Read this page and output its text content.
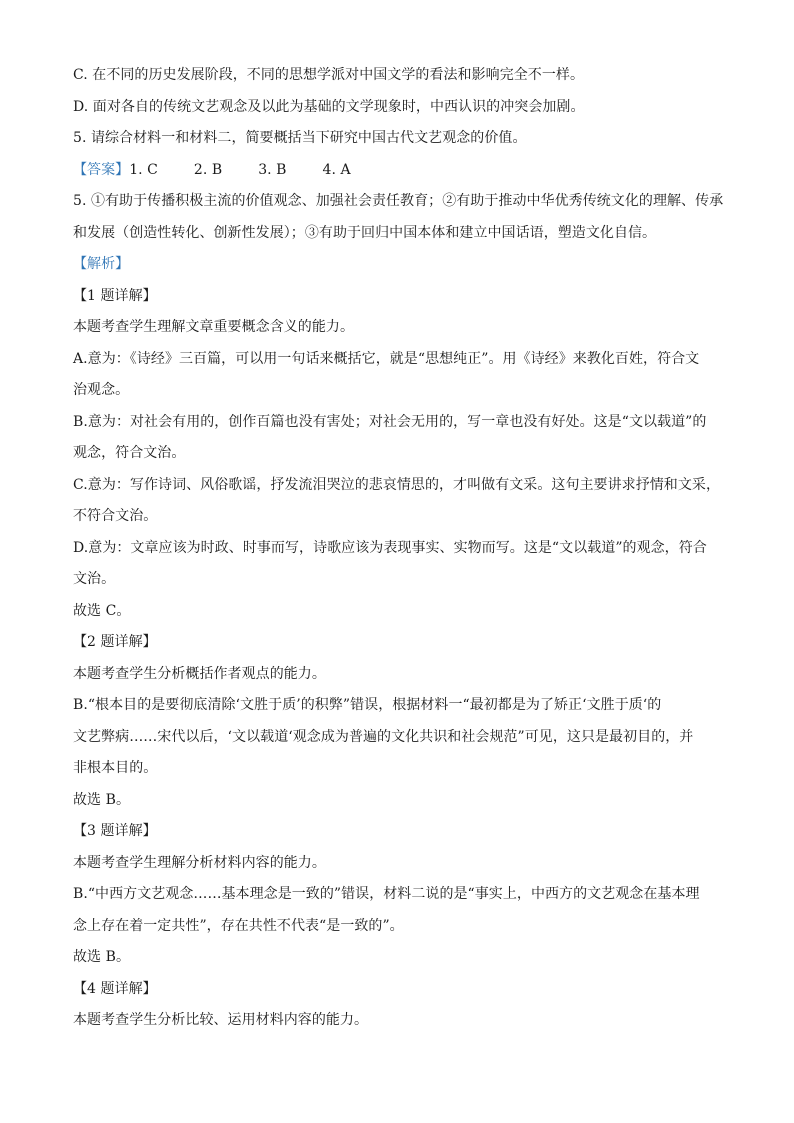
C. 在不同的历史发展阶段，不同的思想学派对中国文学的看法和影响完全不一样。
D. 面对各自的传统文艺观念及以此为基础的文学现象时，中西认识的冲突会加剧。
5. 请综合材料一和材料二，简要概括当下研究中国古代文艺观念的价值。
【答案】1. C        2. B        3. B        4. A
5. ①有助于传播积极主流的价值观念、加强社会责任教育；②有助于推动中华优秀传统文化的理解、传承
和发展（创造性转化、创新性发展）；③有助于回归中国本体和建立中国话语，塑造文化自信。
【解析】
【1 题详解】
本题考查学生理解文章重要概念含义的能力。
A.意为：《诗经》三百篇，可以用一句话来概括它，就是“思想纯正”。用《诗经》来教化百姓，符合文
治观念。
B.意为：对社会有用的，创作百篇也没有害处；对社会无用的，写一章也没有好处。这是“文以载道”的
观念，符合文治。
C.意为：写作诗词、风俗歌谣，抒发流泪哭泣的悲哀情思的，才叫做有文采。这句主要讲求抒情和文采，
不符合文治。
D.意为：文章应该为时政、时事而写，诗歌应该为表现事实、实物而写。这是“文以载道”的观念，符合
文治。
故选 C。
【2 题详解】
本题考查学生分析概括作者观点的能力。
B.“根本目的是要彻底清除‘文胜于质’的积弊”错误，根据材料一“最初都是为了矫正‘文胜于质‘的
文艺弊病……宋代以后，‘文以载道‘观念成为普遍的文化共识和社会规范”可见，这只是最初目的，并
非根本目的。
故选 B。
【3 题详解】
本题考查学生理解分析材料内容的能力。
B.“中西方文艺观念……基本理念是一致的”错误，材料二说的是“事实上，中西方的文艺观念在基本理
念上存在着一定共性”，存在共性不代表“是一致的”。
故选 B。
【4 题详解】
本题考查学生分析比较、运用材料内容的能力。
